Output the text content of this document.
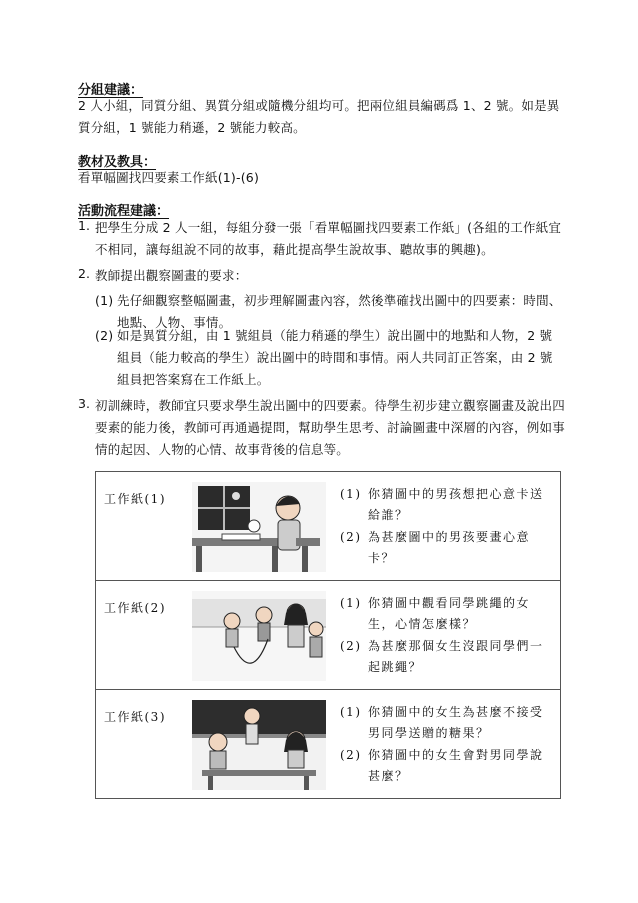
分組建議：
2 人小組，同質分組、異質分組或隨機分組均可。把兩位組員編碼爲 1、2 號。如是異質分組，1 號能力稍遜，2 號能力較高。
教材及教具：
看單幅圖找四要素工作紙(1)-(6)
活動流程建議：
1. 把學生分成 2 人一組，每組分發一張「看單幅圖找四要素工作紙」(各組的工作紙宜不相同，讓每組說不同的故事，藉此提高學生說故事、聽故事的興趣)。
2. 教師提出觀察圖畫的要求：
(1) 先仔細觀察整幅圖畫，初步理解圖畫內容，然後準確找出圖中的四要素：時間、地點、人物、事情。
(2) 如是異質分組，由 1 號組員（能力稍遜的學生）說出圖中的地點和人物，2 號組員（能力較高的學生）說出圖中的時間和事情。兩人共同訂正答案，由 2 號組員把答案寫在工作紙上。
3. 初訓練時，教師宜只要求學生說出圖中的四要素。待學生初步建立觀察圖畫及說出四要素的能力後，教師可再通過提問，幫助學生思考、討論圖畫中深層的內容，例如事情的起因、人物的心情、故事背後的信息等。
工作紙(1)	(1) 你猜圖中的男孩想把心意卡送給誰？
(2) 為甚麼圖中的男孩要畫心意卡？

工作紙(2)	(1) 你猜圖中觀看同學跳繩的女生，心情怎麼樣？
(2) 為甚麼那個女生沒跟同學們一起跳繩？

工作紙(3)	(1) 你猜圖中的女生為甚麼不接受男同學送贈的糖果？
(2) 你猜圖中的女生會對男同學說甚麼？
